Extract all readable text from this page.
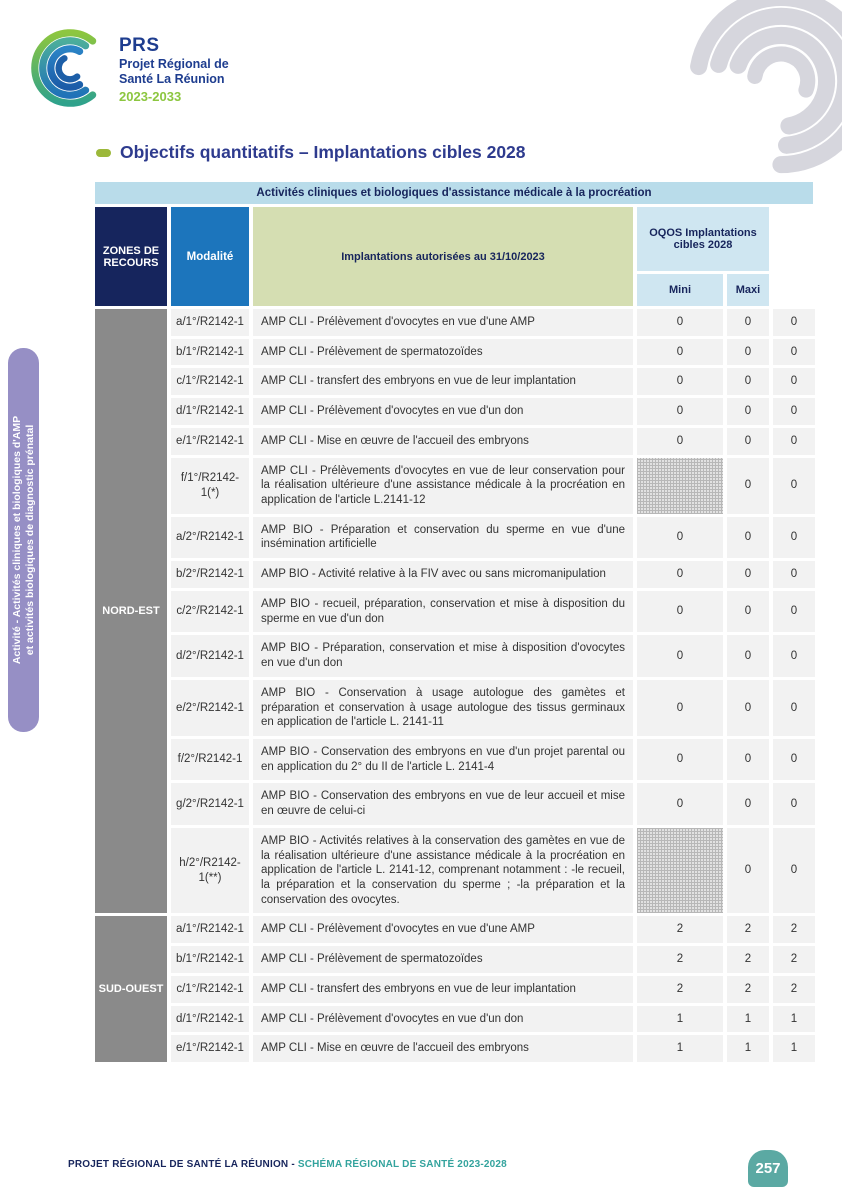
PRS
Projet Régional de
Santé La Réunion
2023-2033
Activité - Activités cliniques et biologiques d'AMP et activités biologiques de diagnostic prénatal
Objectifs quantitatifs – Implantations cibles 2028
Activités cliniques et biologiques d'assistance médicale à la procréation
ZONES DE RECOURS	Modalité	Implantations autorisées au 31/10/2023	OQOS Implantations cibles 2028		
			Mini	Maxi	
NORD-EST	a/1°/R2142-1	AMP CLI - Prélèvement d'ovocytes en vue d'une AMP	0	0	0
	b/1°/R2142-1	AMP CLI - Prélèvement de spermatozoïdes	0	0	0
	c/1°/R2142-1	AMP CLI - transfert des embryons en vue de leur implantation	0	0	0
	d/1°/R2142-1	AMP CLI - Prélèvement d'ovocytes en vue d'un don	0	0	0
	e/1°/R2142-1	AMP CLI - Mise en œuvre de l'accueil des embryons	0	0	0
	f/1°/R2142-1(*)	AMP CLI - Prélèvements d'ovocytes en vue de leur conservation pour la réalisation ultérieure d'une assistance médicale à la procréation en application de l'article L.2141-12		0	0
	a/2°/R2142-1	AMP BIO - Préparation et conservation du sperme en vue d'une insémination artificielle	0	0	0
	b/2°/R2142-1	AMP BIO - Activité relative à la FIV avec ou sans micromanipulation	0	0	0
	c/2°/R2142-1	AMP BIO - recueil, préparation, conservation et mise à disposition du sperme en vue d'un don	0	0	0
	d/2°/R2142-1	AMP BIO - Préparation, conservation et mise à disposition d'ovocytes en vue d'un don	0	0	0
	e/2°/R2142-1	AMP BIO - Conservation à usage autologue des gamètes et préparation et conservation à usage autologue des tissus germinaux en application de l'article L. 2141-11	0	0	0
	f/2°/R2142-1	AMP BIO - Conservation des embryons en vue d'un projet parental ou en application du 2° du II de l'article L. 2141-4	0	0	0
	g/2°/R2142-1	AMP BIO - Conservation des embryons en vue de leur accueil et mise en œuvre de celui-ci	0	0	0
	h/2°/R2142-1(**)	AMP BIO - Activités relatives à la conservation des gamètes en vue de la réalisation ultérieure d'une assistance médicale à la procréation en application de l'article L. 2141-12, comprenant notamment : -le recueil, la préparation et la conservation du sperme ; -la préparation et la conservation des ovocytes.		0	0
SUD-OUEST	a/1°/R2142-1	AMP CLI - Prélèvement d'ovocytes en vue d'une AMP	2	2	2
	b/1°/R2142-1	AMP CLI - Prélèvement de spermatozoïdes	2	2	2
	c/1°/R2142-1	AMP CLI - transfert des embryons en vue de leur implantation	2	2	2
	d/1°/R2142-1	AMP CLI - Prélèvement d'ovocytes en vue d'un don	1	1	1
	e/1°/R2142-1	AMP CLI - Mise en œuvre de l'accueil des embryons	1	1	1
PROJET RÉGIONAL DE SANTÉ LA RÉUNION - SCHÉMA RÉGIONAL DE SANTÉ 2023-2028	257
